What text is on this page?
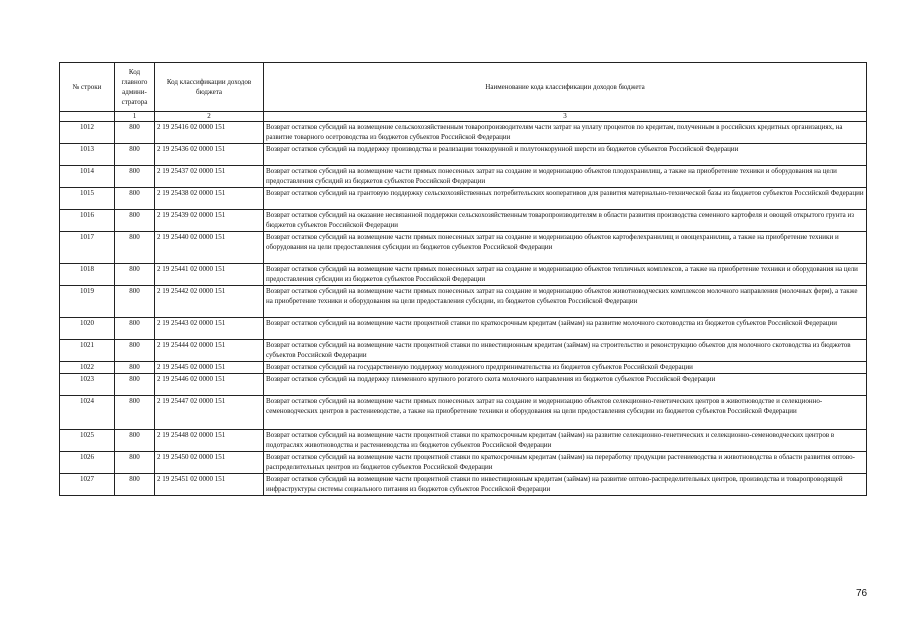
№ строки	Код главного админи-стратора	Код классификации доходов бюджета	Наименование кода классификации доходов бюджета
	1	2	3
1012	800	2 19 25416 02 0000 151	Возврат остатков субсидий на возмещение сельскохозяйственным товаропроизводителям части затрат на уплату процентов по кредитам, полученным в российских кредитных организациях, на развитие товарного осетроводства из бюджетов субъектов Российской Федерации
1013	800	2 19 25436 02 0000 151	Возврат остатков субсидий на поддержку производства и реализации тонкорунной и полутонкорунной шерсти из бюджетов субъектов Российской Федерации
1014	800	2 19 25437 02 0000 151	Возврат остатков субсидий на возмещение части прямых понесенных затрат на создание и модернизацию объектов плодохранилищ, а также на приобретение техники и оборудования на цели предоставления субсидий из бюджетов субъектов Российской Федерации
1015	800	2 19 25438 02 0000 151	Возврат остатков субсидий на грантовую поддержку сельскохозяйственных потребительских кооперативов для развития материально-технической базы из бюджетов субъектов Российской Федерации
1016	800	2 19 25439 02 0000 151	Возврат остатков субсидий на оказание несвязанной поддержки сельскохозяйственным товаропроизводителям в области развития производства семенного картофеля и овощей открытого грунта из бюджетов субъектов Российской Федерации
1017	800	2 19 25440 02 0000 151	Возврат остатков субсидий на возмещение части прямых понесенных затрат на создание и модернизацию объектов картофелехранилищ и овощехранилищ, а также на приобретение техники и оборудования на цели предоставления субсидии из бюджетов субъектов Российской Федерации
1018	800	2 19 25441 02 0000 151	Возврат остатков субсидий на возмещение части прямых понесенных затрат на создание и модернизацию объектов тепличных комплексов, а также на приобретение техники и оборудования на цели предоставления субсидии из бюджетов субъектов Российской Федерации
1019	800	2 19 25442 02 0000 151	Возврат остатков субсидий на возмещение части прямых понесенных затрат на создание и модернизацию объектов животноводческих комплексов молочного направления (молочных ферм), а также на приобретение техники и оборудования на цели предоставления субсидии, из бюджетов субъектов Российской Федерации
1020	800	2 19 25443 02 0000 151	Возврат остатков субсидий на возмещение части процентной ставки по краткосрочным кредитам (займам) на развитие молочного скотоводства из бюджетов субъектов Российской Федерации
1021	800	2 19 25444 02 0000 151	Возврат остатков субсидий на возмещение части процентной ставки по инвестиционным кредитам (займам) на строительство и реконструкцию объектов для молочного скотоводства из бюджетов субъектов Российской Федерации
1022	800	2 19 25445 02 0000 151	Возврат остатков субсидий на государственную поддержку молодежного предпринимательства из бюджетов субъектов Российской Федерации
1023	800	2 19 25446 02 0000 151	Возврат остатков субсидий на поддержку племенного крупного рогатого скота молочного направления из бюджетов субъектов Российской Федерации
1024	800	2 19 25447 02 0000 151	Возврат остатков субсидий на возмещение части прямых понесенных затрат на создание и модернизацию объектов селекционно-генетических центров в животноводстве и селекционно-семеноводческих центров в растениеводстве, а также на приобретение техники и оборудования на цели предоставления субсидии из бюджетов субъектов Российской Федерации
1025	800	2 19 25448 02 0000 151	Возврат остатков субсидий на возмещение части процентной ставки по краткосрочным кредитам (займам) на развитие селекционно-генетических и селекционно-семеноводческих центров в подотраслях животноводства и растениеводства из бюджетов субъектов Российской Федерации
1026	800	2 19 25450 02 0000 151	Возврат остатков субсидий на возмещение части процентной ставки по краткосрочным кредитам (займам) на переработку продукции растениеводства и животноводства в области развития оптово-распределительных центров из бюджетов субъектов Российской Федерации
1027	800	2 19 25451 02 0000 151	Возврат остатков субсидий на возмещение части процентной ставки по инвестиционным кредитам (займам) на развитие оптово-распределительных центров, производства и товаропроводящей инфраструктуры системы социального питания из бюджетов субъектов Российской Федерации
76
